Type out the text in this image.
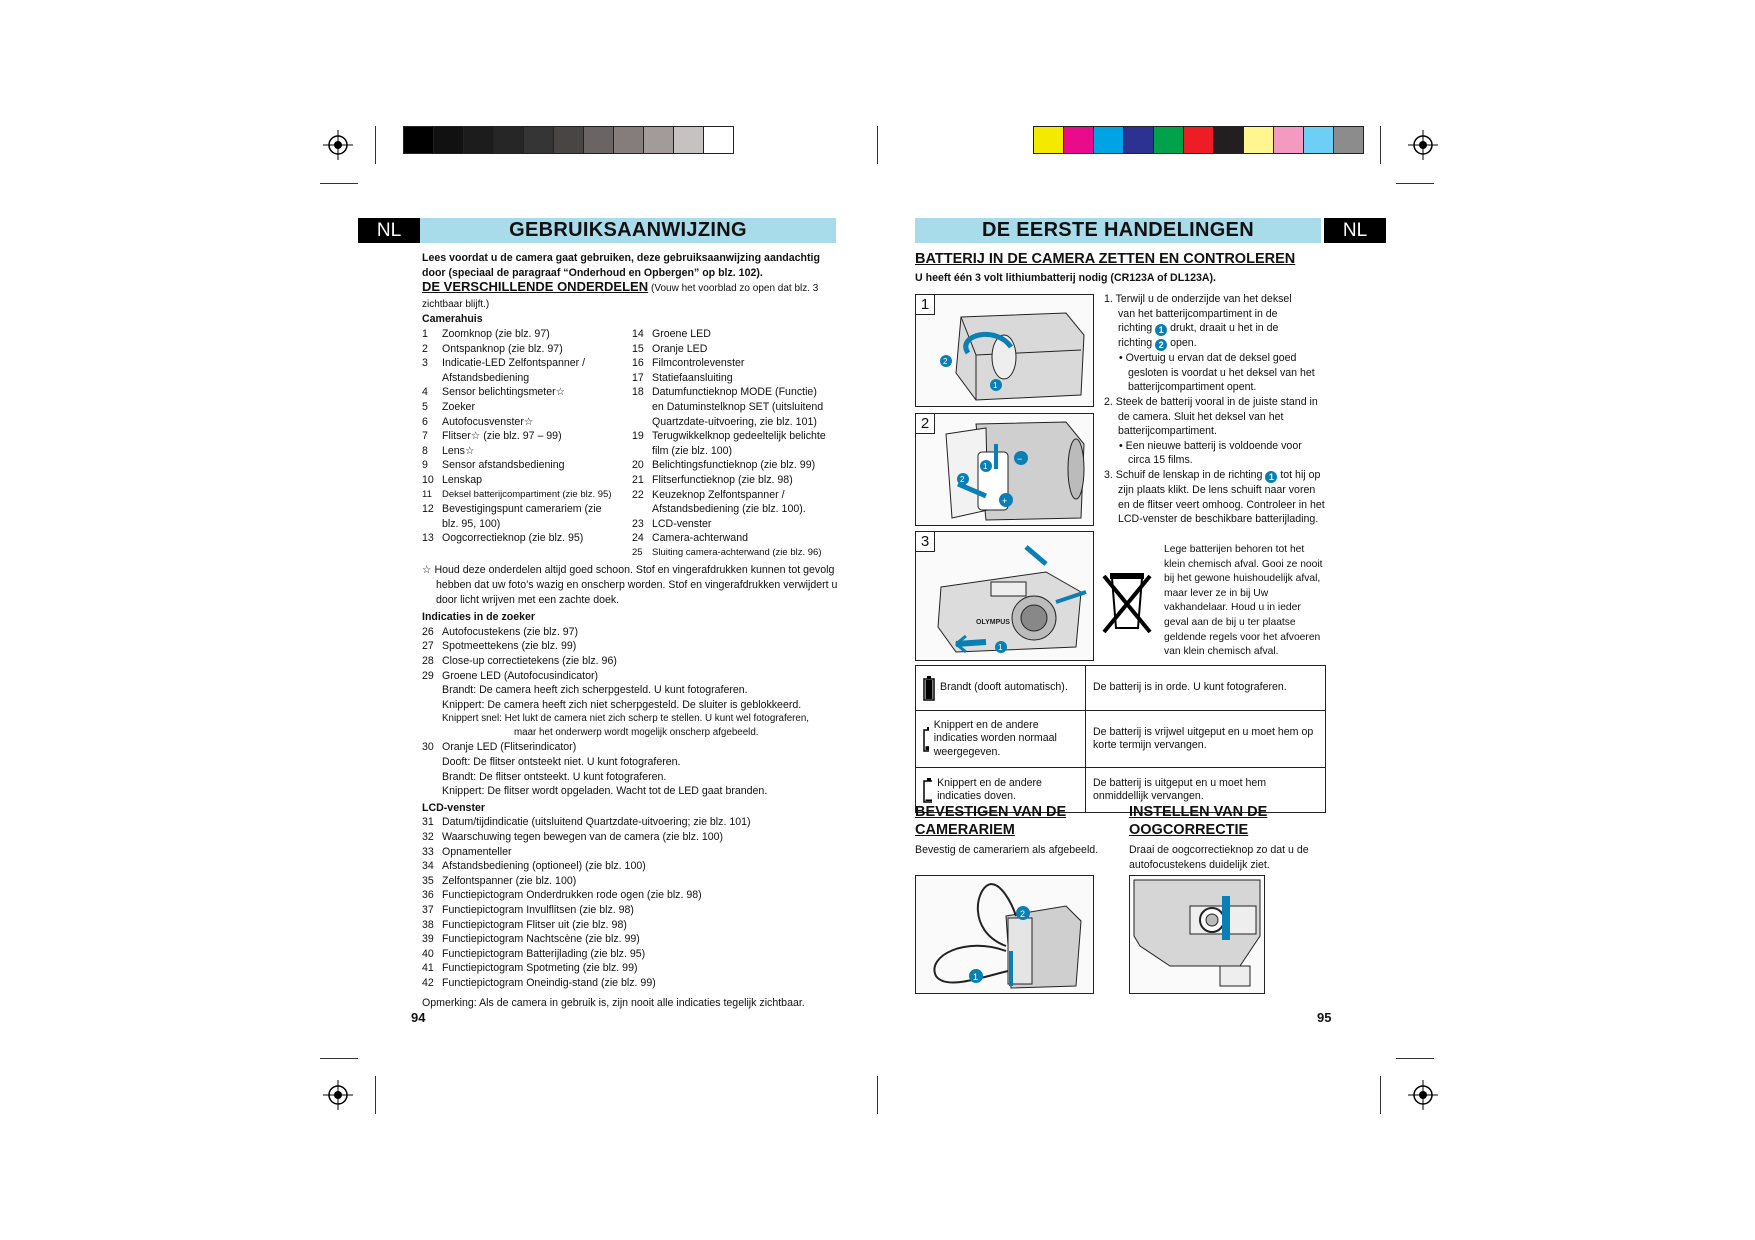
NL	GEBRUIKSAANWIJZING
Lees voordat u de camera gaat gebruiken, deze gebruiksaanwijzing aandachtig door (speciaal de paragraaf “Onderhoud en Opbergen” op blz. 102).
DE VERSCHILLENDE ONDERDELEN (Vouw het voorblad zo open dat blz. 3 zichtbaar blijft.)
Camerahuis
1	Zoomknop (zie blz. 97)
2	Ontspanknop (zie blz. 97)
3	Indicatie-LED Zelfontspanner /
Afstandsbediening
4	Sensor belichtingsmeter☆
5	Zoeker
6	Autofocusvenster☆
7	Flitser☆ (zie blz. 97 – 99)
8	Lens☆
9	Sensor afstandsbediening
10 Lenskap
11	Deksel batterijcompartiment (zie blz. 95)
12 Bevestigingspunt camerariem (zie
blz. 95, 100)
13 Oogcorrectieknop (zie blz. 95)
14 Groene LED
15 Oranje LED
16 Filmcontrolevenster
17 Statiefaansluiting
18 Datumfunctieknop MODE (Functie)
en Datuminstelknop SET (uitsluitend
Quartzdate-uitvoering, zie blz. 101)
19 Terugwikkelknop gedeeltelijk belichte
film (zie blz. 100)
20 Belichtingsfunctieknop (zie blz. 99)
21 Flitserfunctieknop (zie blz. 98)
22 Keuzeknop Zelfontspanner /
Afstandsbediening (zie blz. 100).
23 LCD-venster
24 Camera-achterwand
25 Sluiting camera-achterwand (zie blz. 96)
☆ Houd deze onderdelen altijd goed schoon. Stof en vingerafdrukken kunnen tot gevolg hebben dat uw foto’s wazig en onscherp worden. Stof en vingerafdrukken verwijdert u door licht wrijven met een zachte doek.
Indicaties in de zoeker
26 Autofocustekens (zie blz. 97)
27 Spotmeettekens (zie blz. 99)
28 Close-up correctietekens (zie blz. 96)
29 Groene LED (Autofocusindicator)
Brandt: De camera heeft zich scherpgesteld. U kunt fotograferen.
Knippert: De camera heeft zich niet scherpgesteld. De sluiter is geblokkeerd.
Knippert snel: Het lukt de camera niet zich scherp te stellen. U kunt wel fotograferen,
maar het onderwerp wordt mogelijk onscherp afgebeeld.
30 Oranje LED (Flitserindicator)
Dooft: De flitser ontsteekt niet. U kunt fotograferen.
Brandt: De flitser ontsteekt. U kunt fotograferen.
Knippert: De flitser wordt opgeladen. Wacht tot de LED gaat branden.
LCD-venster
31 Datum/tijdindicatie (uitsluitend Quartzdate-uitvoering; zie blz. 101)
32 Waarschuwing tegen bewegen van de camera (zie blz. 100)
33 Opnamenteller
34 Afstandsbediening (optioneel) (zie blz. 100)
35 Zelfontspanner (zie blz. 100)
36 Functiepictogram Onderdrukken rode ogen (zie blz. 98)
37 Functiepictogram Invulflitsen (zie blz. 98)
38 Functiepictogram Flitser uit (zie blz. 98)
39 Functiepictogram Nachtscène (zie blz. 99)
40 Functiepictogram Batterijlading (zie blz. 95)
41 Functiepictogram Spotmeting (zie blz. 99)
42 Functiepictogram Oneindig-stand (zie blz. 99)
Opmerking: Als de camera in gebruik is, zijn nooit alle indicaties tegelijk zichtbaar.
94
DE EERSTE HANDELINGEN	NL
BATTERIJ IN DE CAMERA ZETTEN EN CONTROLEREN
U heeft één 3 volt lithiumbatterij nodig (CR123A of DL123A).
1
2
1
2
−
+
2
1
3
OLYMPUS
1
1. Terwijl u de onderzijde van het deksel
van het batterijcompartiment in de
richting 1 drukt, draait u het in de
richting 2 open.
• Overtuig u ervan dat de deksel goed gesloten is voordat u het deksel van het batterijcompartiment opent.
2. Steek de batterij vooral in de juiste stand in de camera. Sluit het deksel van het batterijcompartiment.
• Een nieuwe batterij is voldoende voor circa 15 films.
3. Schuif de lenskap in de richting 1 tot hij op zijn plaats klikt. De lens schuift naar voren en de flitser veert omhoog. Controleer in het LCD-venster de beschikbare batterijlading.
Lege batterijen behoren tot het klein chemisch afval. Gooi ze nooit bij het gewone huishoudelijk afval, maar lever ze in bij Uw vakhandelaar. Houd u in ieder geval aan de bij u ter plaatse geldende regels voor het afvoeren van klein chemisch afval.
Brandt (dooft automatisch).	De batterij is in orde. U kunt fotograferen.

Knippert en de andere indicaties worden normaal weergegeven.	De batterij is vrijwel uitgeput en u moet hem op korte termijn vervangen.

Knippert en de andere indicaties doven.	De batterij is uitgeput en u moet hem onmiddellijk vervangen.
BEVESTIGEN VAN DE
CAMERARIEM
Bevestig de camerariem als afgebeeld.
2
1
INSTELLEN VAN DE
OOGCORRECTIE
Draai de oogcorrectieknop zo dat u de autofocustekens duidelijk ziet.
95
